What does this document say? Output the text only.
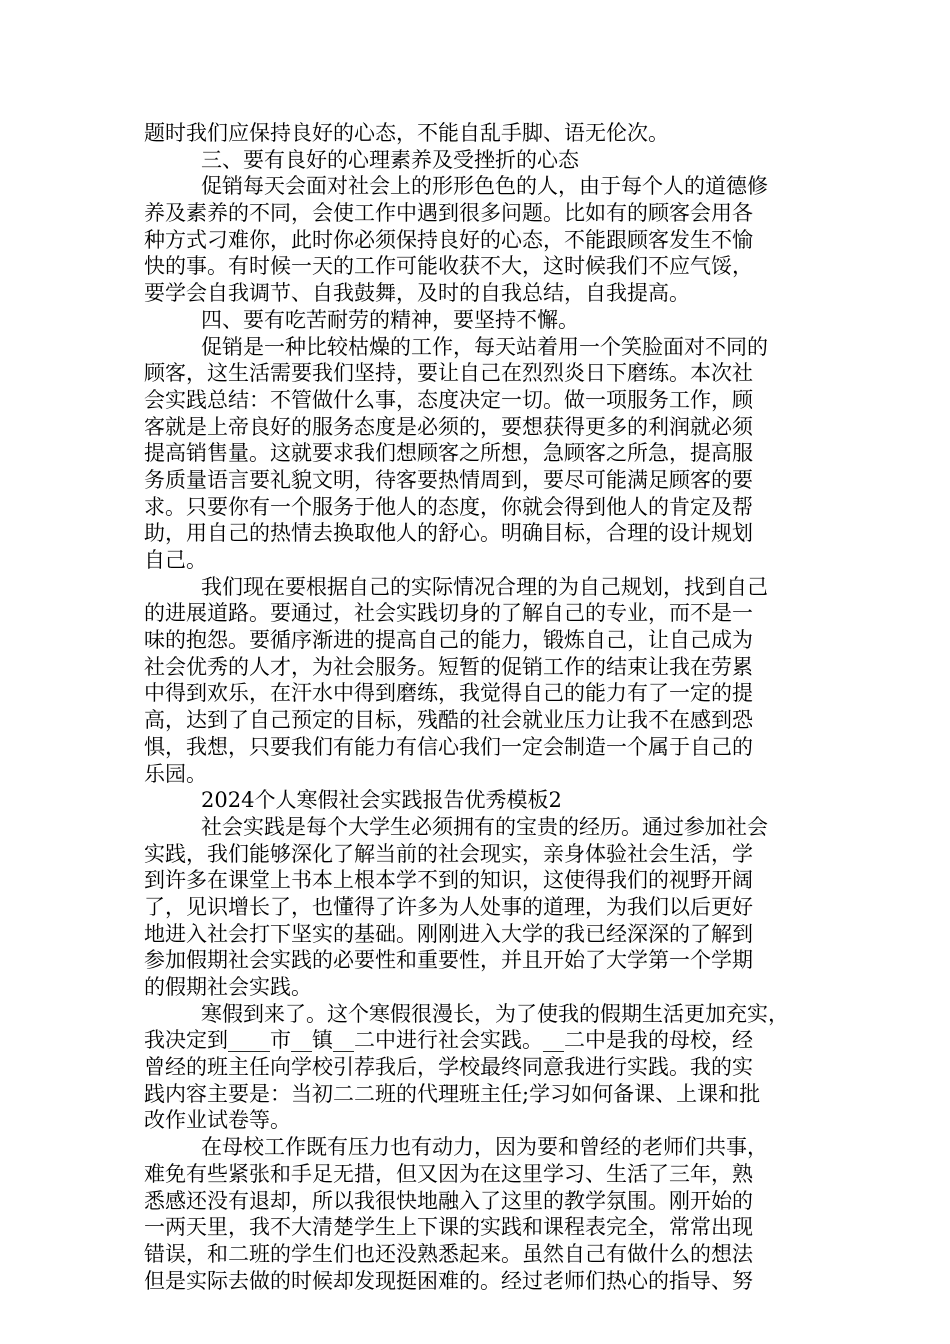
题时我们应保持良好的心态，不能自乱手脚、语无伦次。
三、要有良好的心理素养及受挫折的心态
促销每天会面对社会上的形形色色的人，由于每个人的道德修
养及素养的不同，会使工作中遇到很多问题。比如有的顾客会用各
种方式刁难你，此时你必须保持良好的心态，不能跟顾客发生不愉
快的事。有时候一天的工作可能收获不大，这时候我们不应气馁，
要学会自我调节、自我鼓舞，及时的自我总结，自我提高。
四、要有吃苦耐劳的精神，要坚持不懈。
促销是一种比较枯燥的工作，每天站着用一个笑脸面对不同的
顾客，这生活需要我们坚持，要让自己在烈烈炎日下磨练。本次社
会实践总结：不管做什么事，态度决定一切。做一项服务工作，顾
客就是上帝良好的服务态度是必须的，要想获得更多的利润就必须
提高销售量。这就要求我们想顾客之所想，急顾客之所急，提高服
务质量语言要礼貌文明，待客要热情周到，要尽可能满足顾客的要
求。只要你有一个服务于他人的态度，你就会得到他人的肯定及帮
助，用自己的热情去换取他人的舒心。明确目标，合理的设计规划
自己。
我们现在要根据自己的实际情况合理的为自己规划，找到自己
的进展道路。要通过，社会实践切身的了解自己的专业，而不是一
味的抱怨。要循序渐进的提高自己的能力，锻炼自己，让自己成为
社会优秀的人才，为社会服务。短暂的促销工作的结束让我在劳累
中得到欢乐，在汗水中得到磨练，我觉得自己的能力有了一定的提
高，达到了自己预定的目标，残酷的社会就业压力让我不在感到恐
惧，我想，只要我们有能力有信心我们一定会制造一个属于自己的
乐园。
2024个人寒假社会实践报告优秀模板2
社会实践是每个大学生必须拥有的宝贵的经历。通过参加社会
实践，我们能够深化了解当前的社会现实，亲身体验社会生活，学
到许多在课堂上书本上根本学不到的知识，这使得我们的视野开阔
了，见识增长了，也懂得了许多为人处事的道理，为我们以后更好
地进入社会打下坚实的基础。刚刚进入大学的我已经深深的了解到
参加假期社会实践的必要性和重要性，并且开始了大学第一个学期
的假期社会实践。
寒假到来了。这个寒假很漫长，为了使我的假期生活更加充实，
我决定到____市__镇__二中进行社会实践。__二中是我的母校，经
曾经的班主任向学校引荐我后，学校最终同意我进行实践。我的实
践内容主要是：当初二二班的代理班主任;学习如何备课、上课和批
改作业试卷等。
在母校工作既有压力也有动力，因为要和曾经的老师们共事，
难免有些紧张和手足无措，但又因为在这里学习、生活了三年，熟
悉感还没有退却，所以我很快地融入了这里的教学氛围。刚开始的
一两天里，我不大清楚学生上下课的实践和课程表完全，常常出现
错误，和二班的学生们也还没熟悉起来。虽然自己有做什么的想法
但是实际去做的时候却发现挺困难的。经过老师们热心的指导、努
